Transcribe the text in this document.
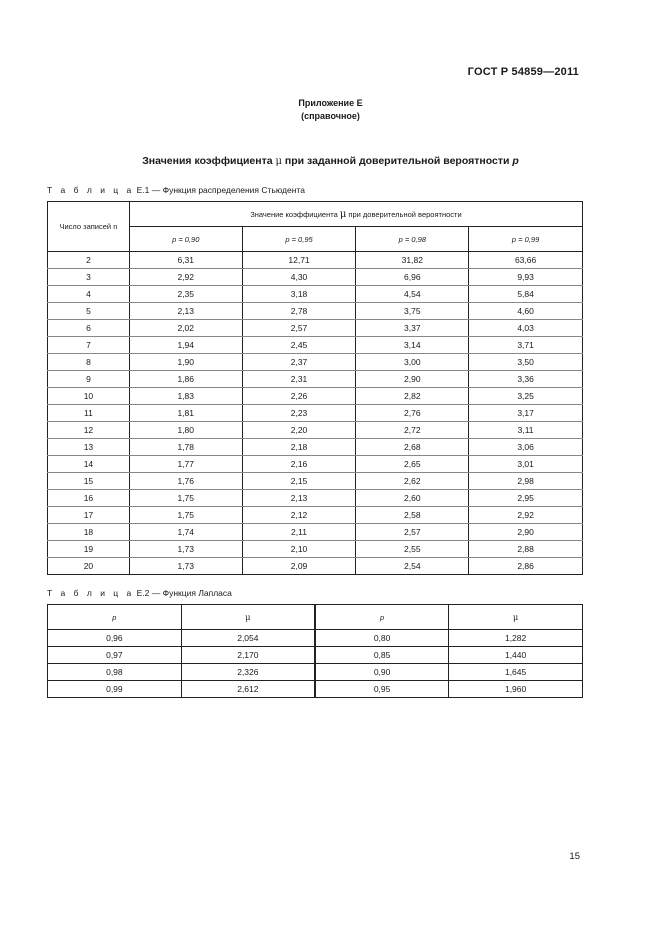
ГОСТ Р 54859—2011
Приложение Е
(справочное)
Значения коэффициента μ при заданной доверительной вероятности p
Т а б л и ц а Е.1 — Функция распределения Стьюдента
Число записей n	Значение коэффициента μ при доверительной вероятности			
	p = 0,90	p = 0,95	p = 0,98	p = 0,99
2	6,31	12,71	31,82	63,66
3	2,92	4,30	6,96	9,93
4	2,35	3,18	4,54	5,84
5	2,13	2,78	3,75	4,60
6	2,02	2,57	3,37	4,03
7	1,94	2,45	3,14	3,71
8	1,90	2,37	3,00	3,50
9	1,86	2,31	2,90	3,36
10	1,83	2,26	2,82	3,25
11	1,81	2,23	2,76	3,17
12	1,80	2,20	2,72	3,11
13	1,78	2,18	2,68	3,06
14	1,77	2,16	2,65	3,01
15	1,76	2,15	2,62	2,98
16	1,75	2,13	2,60	2,95
17	1,75	2,12	2,58	2,92
18	1,74	2,11	2,57	2,90
19	1,73	2,10	2,55	2,88
20	1,73	2,09	2,54	2,86
Т а б л и ц а Е.2 — Функция Лапласа
p	μ	p	μ
0,96	2,054	0,80	1,282
0,97	2,170	0,85	1,440
0,98	2,326	0,90	1,645
0,99	2,612	0,95	1,960
15
